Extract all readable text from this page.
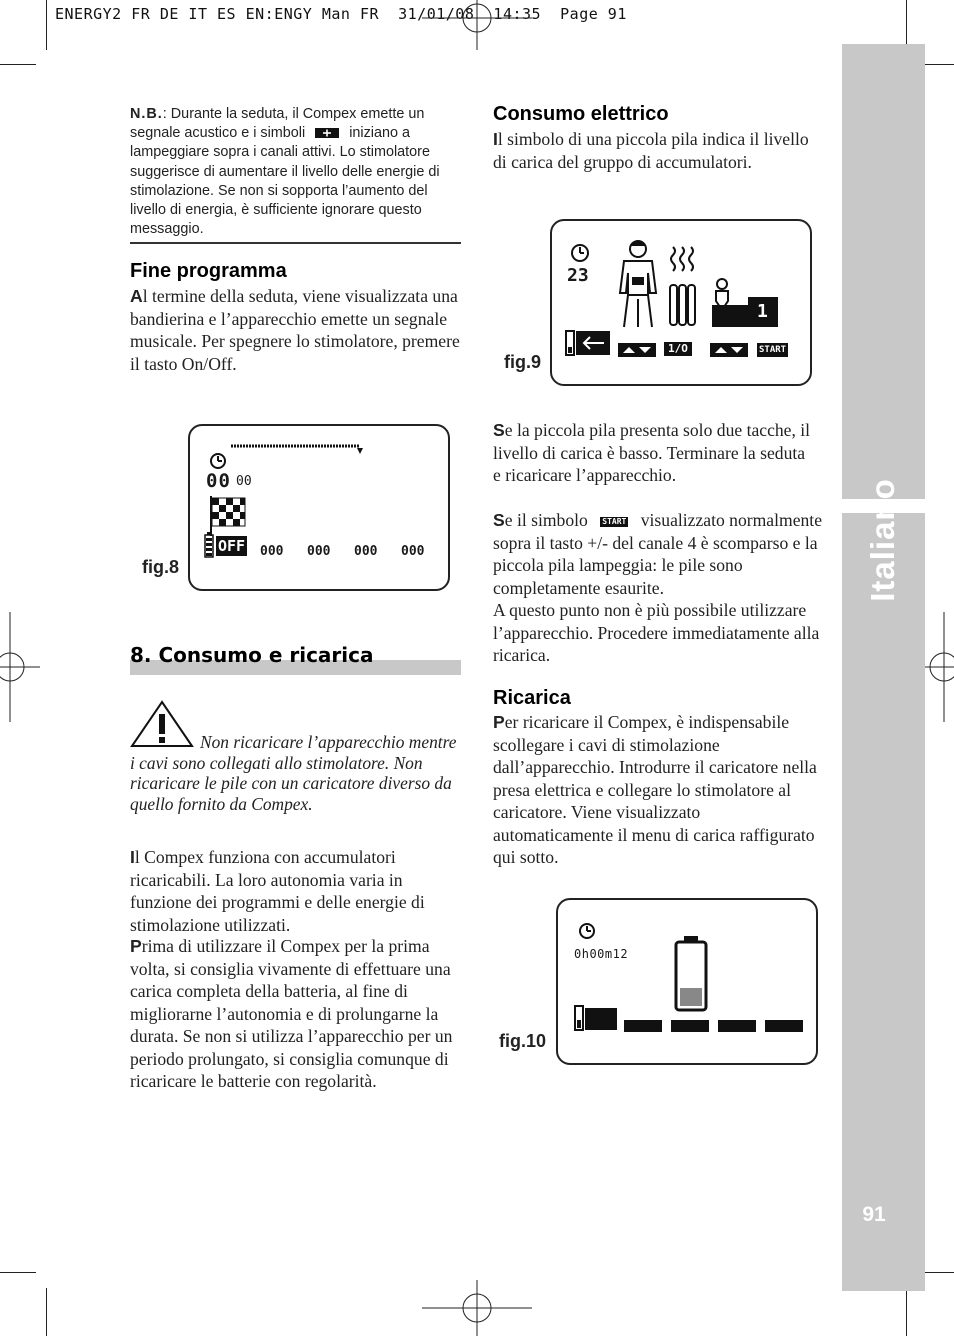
ENERGY2 FR DE IT ES EN:ENGY Man FR  31/01/08  14:35  Page 91
Italiano
91
N.B.: Durante la seduta, il Compex emette un segnale acustico e i simboli	iniziano a lampeggiare sopra i canali attivi. Lo stimolatore suggerisce di aumentare il livello delle energie di stimolazione. Se non si sopporta l’aumento del livello di energia, è sufficiente ignorare questo messaggio.
Fine programma
Al termine della seduta, viene visualizzata una bandierina e l’apparecchio emette un segnale musicale. Per spegnere lo stimolatore, premere il tasto On/Off.
fig.8
00 00
OFF 000 000 000 000
8. Consumo e ricarica
Non ricaricare l’apparecchio mentre i cavi sono collegati allo stimolatore. Non ricaricare le pile con un caricatore diverso da quello fornito da Compex.
Il Compex funziona con accumulatori ricaricabili. La loro autonomia varia in funzione dei programmi e delle energie di stimolazione utilizzati.
Prima di utilizzare il Compex per la prima volta, si consiglia vivamente di effettuare una carica completa della batteria, al fine di migliorarne l’autonomia e di prolungarne la durata. Se non si utilizza l’apparecchio per un periodo prolungato, si consiglia comunque di ricaricare le batterie con regolarità.
Consumo elettrico
Il simbolo di una piccola pila indica il livello di carica del gruppo di accumulatori.
fig.9
23
1
1/O	START
Se la piccola pila presenta solo due tacche, il livello di carica è basso. Terminare la seduta e ricaricare l’apparecchio.
Se il simbolo START visualizzato normalmente sopra il tasto +/- del canale 4 è scomparso e la piccola pila lampeggia: le pile sono completamente esaurite.
A questo punto non è più possibile utilizzare l’apparecchio. Procedere immediatamente alla ricarica.
Ricarica
Per ricaricare il Compex, è indispensabile scollegare i cavi di stimolazione dall’apparecchio. Introdurre il caricatore nella presa elettrica e collegare lo stimolatore al caricatore. Viene visualizzato automaticamente il menu di carica raffigurato qui sotto.
fig.10
0h00m12
